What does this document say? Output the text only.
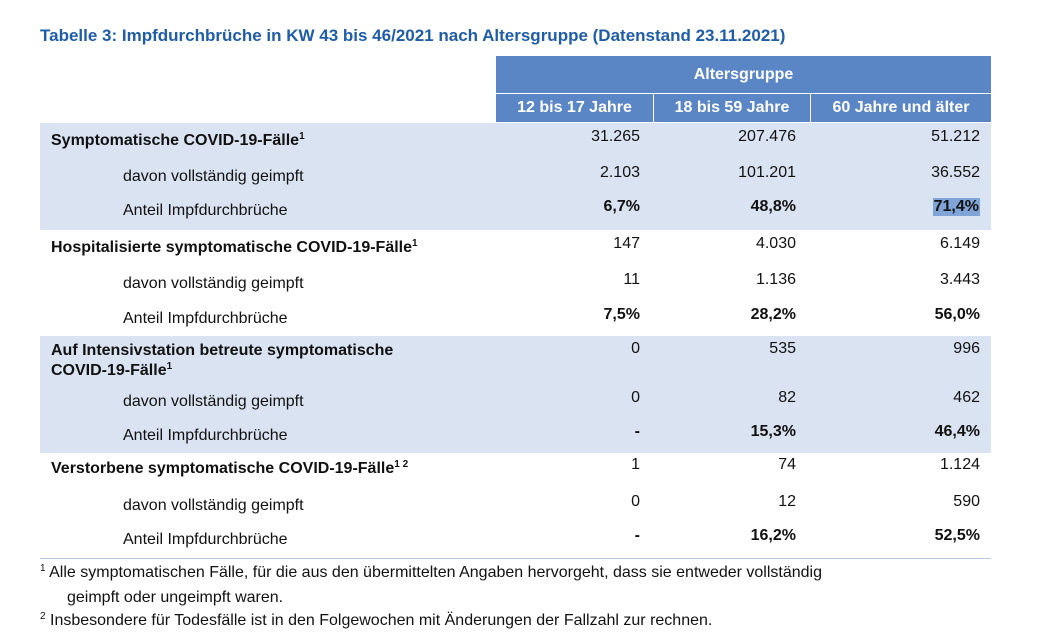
Tabelle 3: Impfdurchbrüche in KW 43 bis 46/2021 nach Altersgruppe (Datenstand 23.11.2021)
Altersgruppe
12 bis 17 Jahre	18 bis 59 Jahre	60 Jahre und älter
Symptomatische COVID-19-Fälle$^1$	31.265	207.476	51.212
davon vollständig geimpft	2.103	101.201	36.552
Anteil Impfdurchbrüche	6,7%	48,8%	71,4%
Hospitalisierte symptomatische COVID-19-Fälle$^1$	147	4.030	6.149
davon vollständig geimpft	11	1.136	3.443
Anteil Impfdurchbrüche	7,5%	28,2%	56,0%
Auf Intensivstation betreute symptomatische
COVID-19-Fälle$^1$
0	535	996
davon vollständig geimpft	0	82	462
Anteil Impfdurchbrüche	-	15,3%	46,4%
Verstorbene symptomatische COVID-19-Fälle$^{1 2}$	1	74	1.124
davon vollständig geimpft	0	12	590
Anteil Impfdurchbrüche	-	16,2%	52,5%
$^1$ Alle symptomatischen Fälle, für die aus den übermittelten Angaben hervorgeht, dass sie entweder vollständig
geimpft oder ungeimpft waren.
$^2$ Insbesondere für Todesfälle ist in den Folgewochen mit Änderungen der Fallzahl zur rechnen.
